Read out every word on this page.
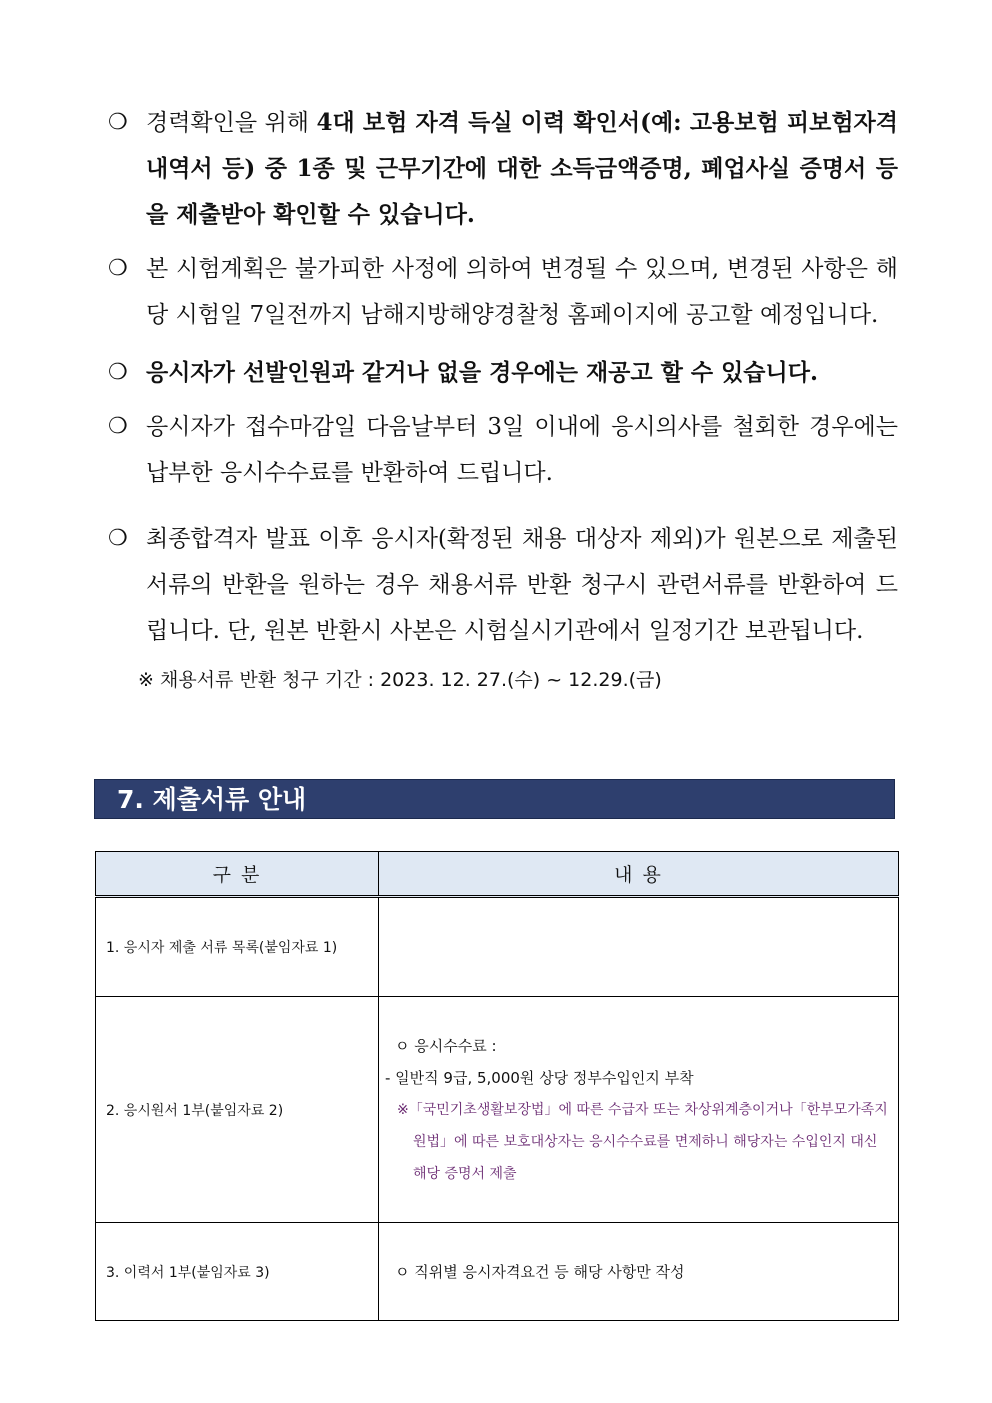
❍ 경력확인을 위해 4대 보험 자격 득실 이력 확인서(예: 고용보험 피보험자격 내역서 등) 중 1종 및 근무기간에 대한 소득금액증명, 폐업사실 증명서 등을 제출받아 확인할 수 있습니다.
❍ 본 시험계획은 불가피한 사정에 의하여 변경될 수 있으며, 변경된 사항은 해당 시험일 7일전까지 남해지방해양경찰청 홈페이지에 공고할 예정입니다.
❍ 응시자가 선발인원과 같거나 없을 경우에는 재공고 할 수 있습니다.
❍ 응시자가 접수마감일 다음날부터 3일 이내에 응시의사를 철회한 경우에는 납부한 응시수수료를 반환하여 드립니다.
❍ 최종합격자 발표 이후 응시자(확정된 채용 대상자 제외)가 원본으로 제출된 서류의 반환을 원하는 경우 채용서류 반환 청구시 관련서류를 반환하여 드립니다. 단, 원본 반환시 사본은 시험실시기관에서 일정기간 보관됩니다.
※ 채용서류 반환 청구 기간 : 2023. 12. 27.(수) ~ 12.29.(금)
7. 제출서류 안내
구 분	내 용
1. 응시자 제출 서류 목록(붙임자료 1)	
2. 응시원서 1부(붙임자료 2)	ㅇ 응시수수료 :
- 일반직 9급, 5,000원 상당 정부수입인지 부착
※「국민기초생활보장법」에 따른 수급자 또는 차상위계층이거나「한부모가족지원법」에 따른 보호대상자는 응시수수료를 면제하니 해당자는 수입인지 대신 해당 증명서 제출

3. 이력서 1부(붙임자료 3)	ㅇ 직위별 응시자격요건 등 해당 사항만 작성
